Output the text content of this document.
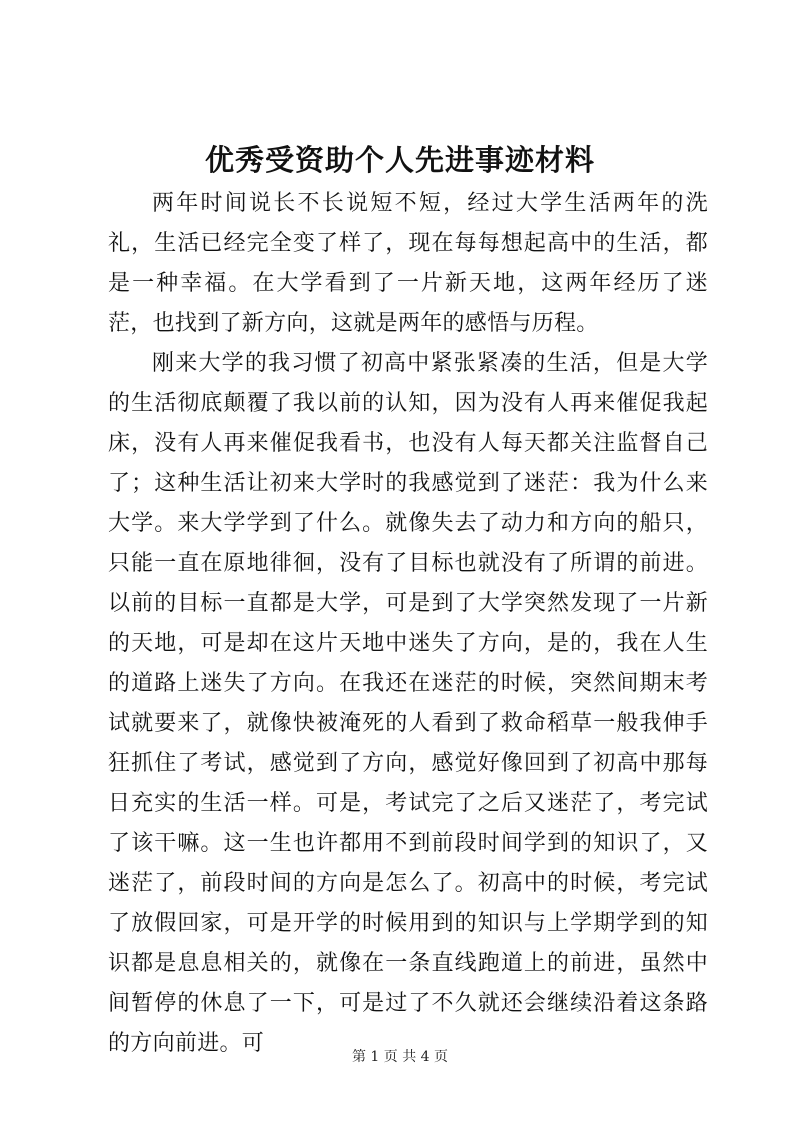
优秀受资助个人先进事迹材料

两年时间说长不长说短不短，经过大学生活两年的洗礼，生活已经完全变了样了，现在每每想起高中的生活，都是一种幸福。在大学看到了一片新天地，这两年经历了迷茫，也找到了新方向，这就是两年的感悟与历程。

刚来大学的我习惯了初高中紧张紧凑的生活，但是大学的生活彻底颠覆了我以前的认知，因为没有人再来催促我起床，没有人再来催促我看书，也没有人每天都关注监督自己了；这种生活让初来大学时的我感觉到了迷茫：我为什么来大学。来大学学到了什么。就像失去了动力和方向的船只，只能一直在原地徘徊，没有了目标也就没有了所谓的前进。以前的目标一直都是大学，可是到了大学突然发现了一片新的天地，可是却在这片天地中迷失了方向，是的，我在人生的道路上迷失了方向。在我还在迷茫的时候，突然间期末考试就要来了，就像快被淹死的人看到了救命稻草一般我伸手狂抓住了考试，感觉到了方向，感觉好像回到了初高中那每日充实的生活一样。可是，考试完了之后又迷茫了，考完试了该干嘛。这一生也许都用不到前段时间学到的知识了，又迷茫了，前段时间的方向是怎么了。初高中的时候，考完试了放假回家，可是开学的时候用到的知识与上学期学到的知识都是息息相关的，就像在一条直线跑道上的前进，虽然中间暂停的休息了一下，可是过了不久就还会继续沿着这条路的方向前进。可

第 1 页 共 4 页
